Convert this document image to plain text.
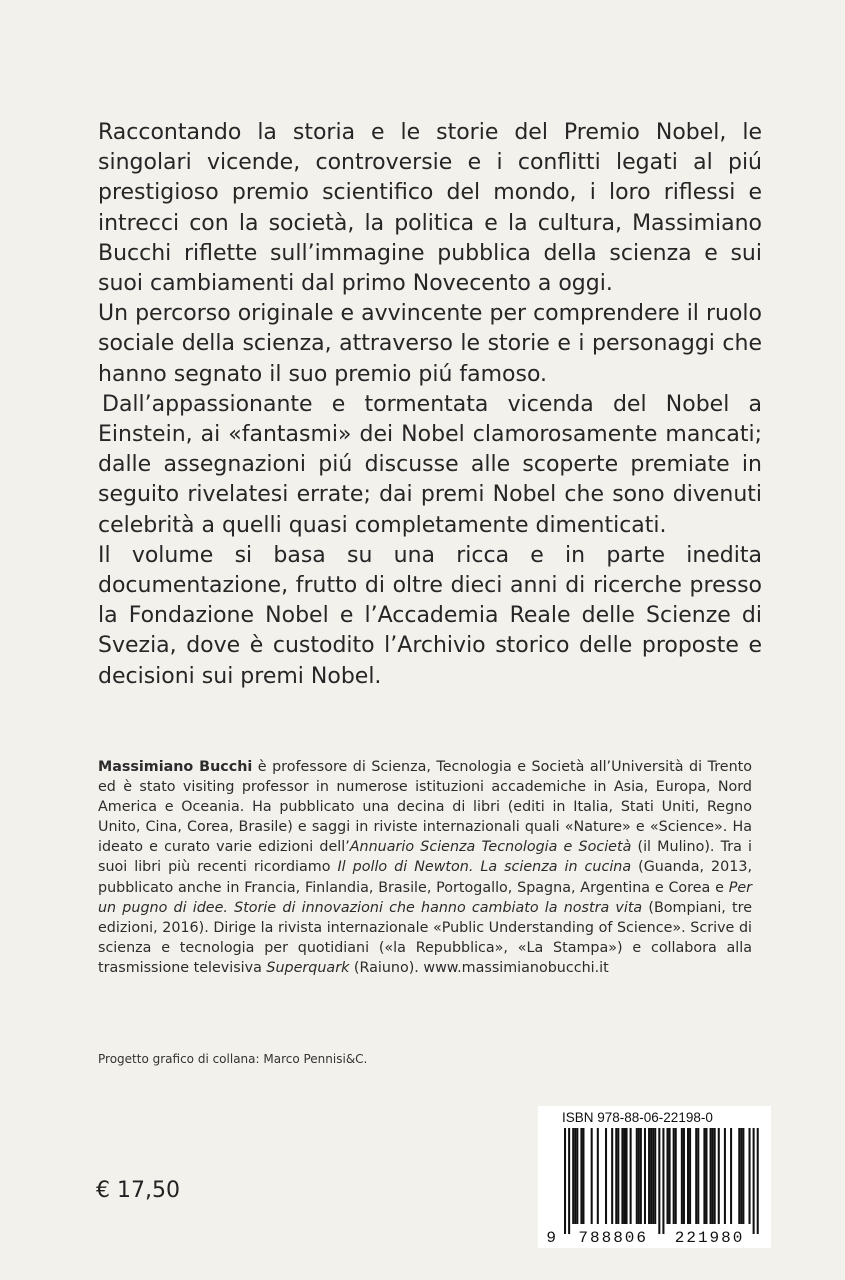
Raccontando la storia e le storie del Premio Nobel, le singolari vicende, controversie e i conflitti legati al piú prestigioso premio scientifico del mondo, i loro riflessi e intrecci con la società, la politica e la cultura, Massimiano Bucchi riflette sull’immagine pubblica della scienza e sui suoi cambiamenti dal primo Novecento a oggi.

Un percorso originale e avvincente per comprendere il ruolo sociale della scienza, attraverso le storie e i personaggi che hanno segnato il suo premio piú famoso.

Dall’appassionante e tormentata vicenda del Nobel a Einstein, ai «fantasmi» dei Nobel clamorosamente mancati; dalle assegnazioni piú discusse alle scoperte premiate in seguito rivelatesi errate; dai premi Nobel che sono divenuti celebrità a quelli quasi completamente dimenticati.

Il volume si basa su una ricca e in parte inedita documentazione, frutto di oltre dieci anni di ricerche presso la Fondazione Nobel e l’Accademia Reale delle Scienze di Svezia, dove è custodito l’Archivio storico delle proposte e decisioni sui premi Nobel.

Massimiano Bucchi è professore di Scienza, Tecnologia e Società all’Università di Trento ed è stato visiting professor in numerose istituzioni accademiche in Asia, Europa, Nord America e Oceania. Ha pubblicato una decina di libri (editi in Italia, Stati Uniti, Regno Unito, Cina, Corea, Brasile) e saggi in riviste internazionali quali «Nature» e «Science». Ha ideato e curato varie edizioni dell’Annuario Scienza Tecnologia e Società (il Mulino). Tra i suoi libri più recenti ricordiamo Il pollo di Newton. La scienza in cucina (Guanda, 2013, pubblicato anche in Francia, Finlandia, Brasile, Portogallo, Spagna, Argentina e Corea e Per un pugno di idee. Storie di innovazioni che hanno cambiato la nostra vita (Bompiani, tre edizioni, 2016). Dirige la rivista internazionale «Public Understanding of Science». Scrive di scienza e tecnologia per quotidiani («la Repubblica», «La Stampa») e collabora alla trasmissione televisiva Superquark (Raiuno). www.massimianobucchi.it
Progetto grafico di collana: Marco Pennisi&C.
€ 17,50
9 788806 221980
ISBN 978-88-06-22198-0
